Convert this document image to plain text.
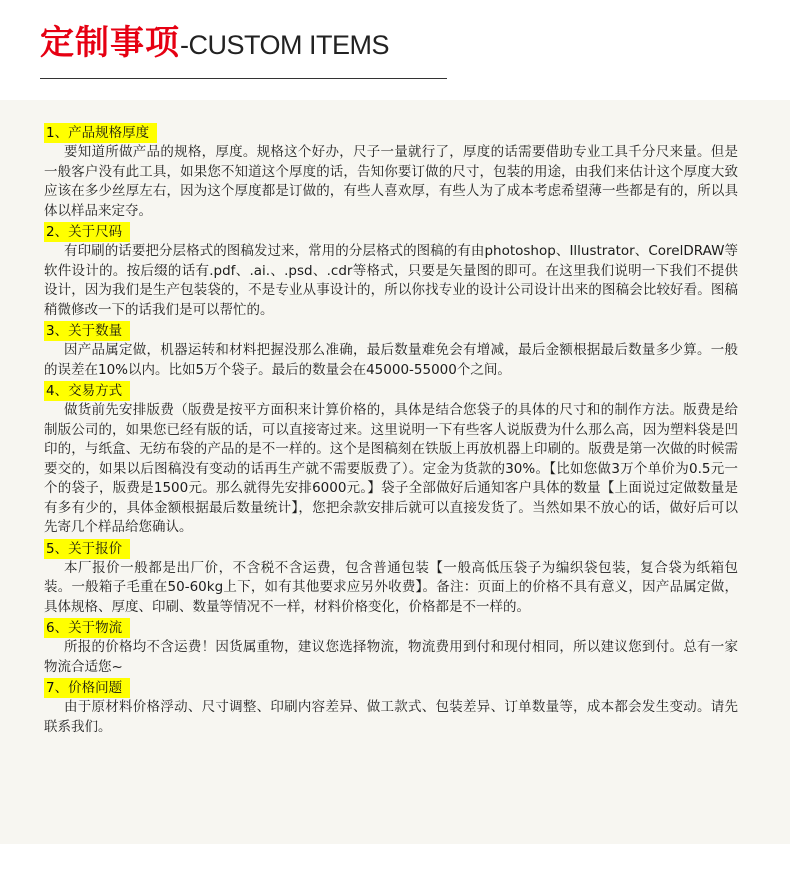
定制事项-CUSTOM ITEMS
1、产品规格厚度

要知道所做产品的规格，厚度。规格这个好办，尺子一量就行了，厚度的话需要借助专业工具千分尺来量。但是一般客户没有此工具，如果您不知道这个厚度的话，告知你要订做的尺寸，包装的用途，由我们来估计这个厚度大致应该在多少丝厚左右，因为这个厚度都是订做的，有些人喜欢厚，有些人为了成本考虑希望薄一些都是有的，所以具体以样品来定夺。

2、关于尺码

有印刷的话要把分层格式的图稿发过来，常用的分层格式的图稿的有由photoshop、Illustrator、CorelDRAW等软件设计的。按后缀的话有.pdf、.ai.、.psd、.cdr等格式，只要是矢量图的即可。在这里我们说明一下我们不提供设计，因为我们是生产包装袋的，不是专业从事设计的，所以你找专业的设计公司设计出来的图稿会比较好看。图稿稍微修改一下的话我们是可以帮忙的。

3、关于数量

因产品属定做，机器运转和材料把握没那么准确，最后数量难免会有增减，最后金额根据最后数量多少算。一般的误差在10%以内。比如5万个袋子。最后的数量会在45000-55000个之间。

4、交易方式

做货前先安排版费（版费是按平方面积来计算价格的，具体是结合您袋子的具体的尺寸和的制作方法。版费是给制版公司的，如果您已经有版的话，可以直接寄过来。这里说明一下有些客人说版费为什么那么高，因为塑料袋是凹印的，与纸盒、无纺布袋的产品的是不一样的。这个是图稿刻在铁版上再放机器上印刷的。版费是第一次做的时候需要交的，如果以后图稿没有变动的话再生产就不需要版费了）。定金为货款的30%。【比如您做3万个单价为0.5元一个的袋子，版费是1500元。那么就得先安排6000元。】袋子全部做好后通知客户具体的数量【上面说过定做数量是有多有少的，具体金额根据最后数量统计】，您把余款安排后就可以直接发货了。当然如果不放心的话，做好后可以先寄几个样品给您确认。

5、关于报价

本厂报价一般都是出厂价，不含税不含运费，包含普通包装【一般高低压袋子为编织袋包装，复合袋为纸箱包装。一般箱子毛重在50-60kg上下，如有其他要求应另外收费】。备注：页面上的价格不具有意义，因产品属定做，具体规格、厚度、印刷、数量等情况不一样，材料价格变化，价格都是不一样的。

6、关于物流

所报的价格均不含运费！因货属重物，建议您选择物流，物流费用到付和现付相同，所以建议您到付。总有一家物流合适您~

7、价格问题

由于原材料价格浮动、尺寸调整、印刷内容差异、做工款式、包装差异、订单数量等，成本都会发生变动。请先联系我们。
